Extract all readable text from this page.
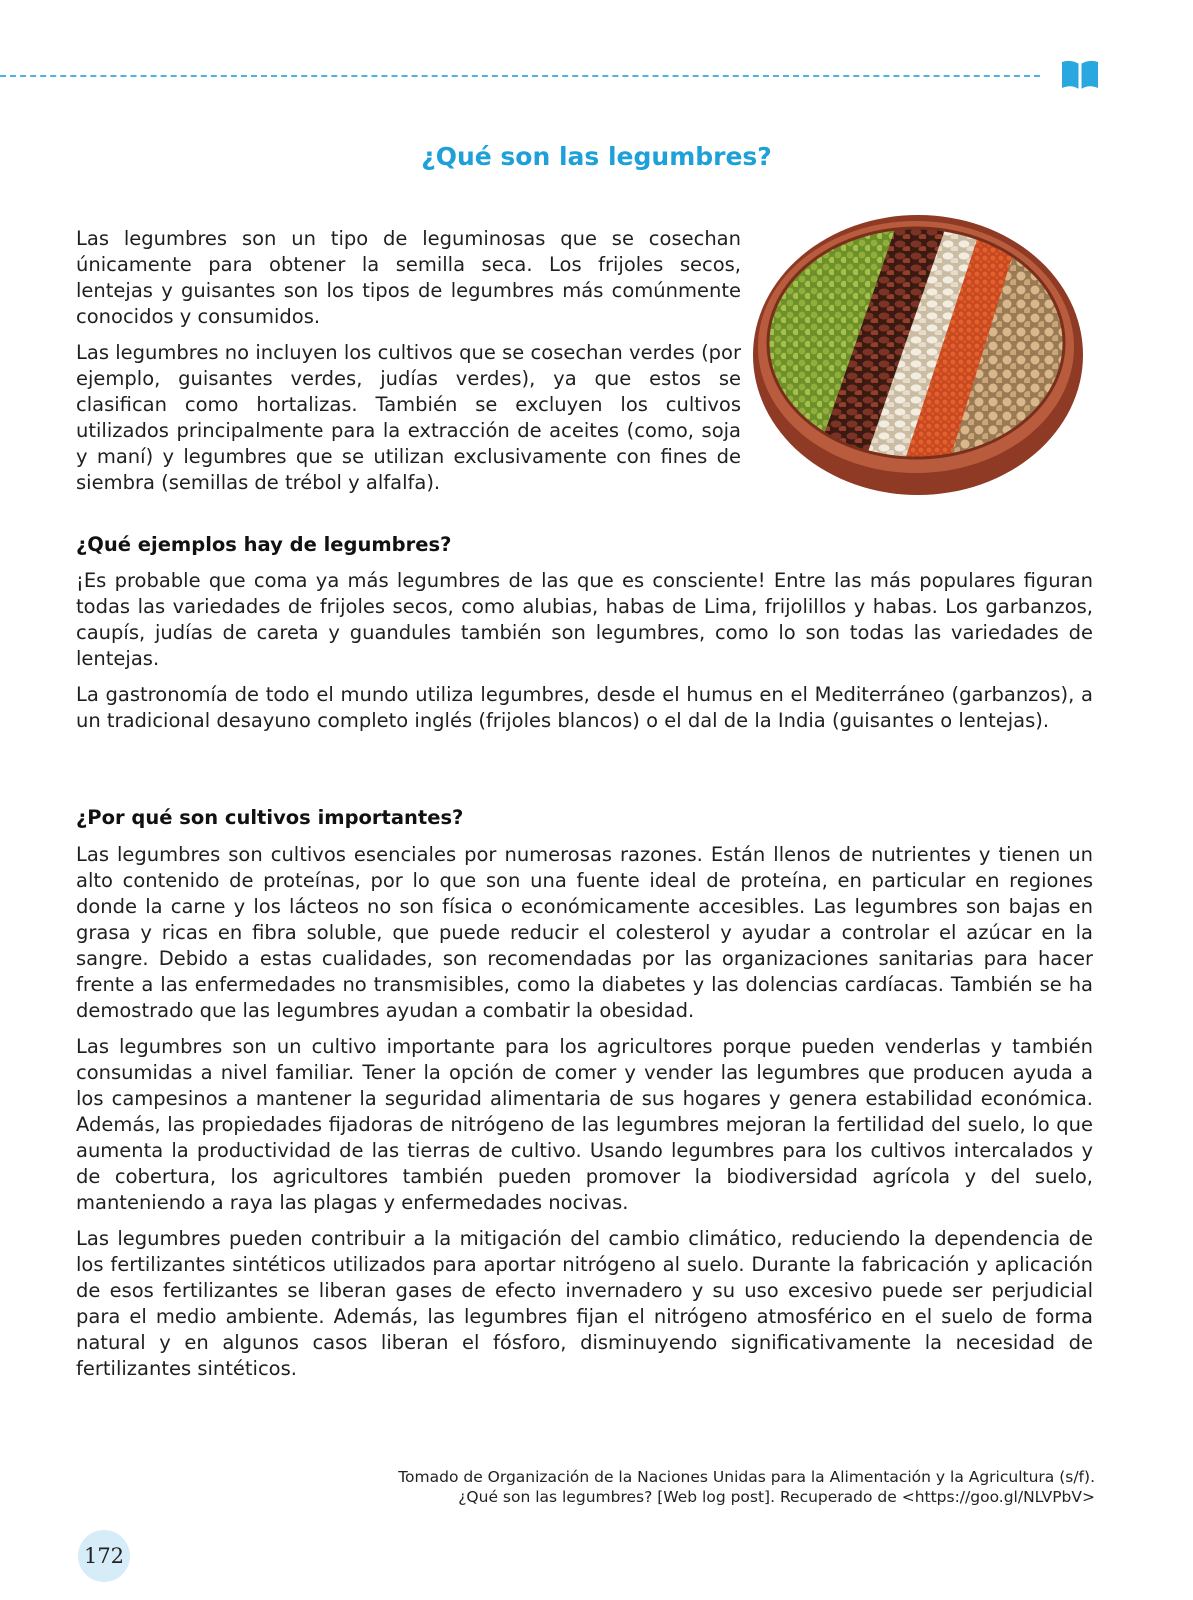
¿Qué son las legumbres?

Las legumbres son un tipo de leguminosas que se cosechan únicamente para obtener la semilla seca. Los frijoles secos, lentejas y guisantes son los tipos de legumbres más comúnmente conocidos y consumidos.

Las legumbres no incluyen los cultivos que se cosechan verdes (por ejemplo, guisantes verdes, judías verdes), ya que estos se clasifican como hortalizas. También se excluyen los cultivos utilizados principalmente para la extracción de aceites (como, soja y maní) y legumbres que se utilizan exclusivamente con fines de siembra (semillas de trébol y alfalfa).

¿Qué ejemplos hay de legumbres?

¡Es probable que coma ya más legumbres de las que es consciente! Entre las más populares figuran todas las variedades de frijoles secos, como alubias, habas de Lima, frijolillos y habas. Los garbanzos, caupís, judías de careta y guandules también son legumbres, como lo son todas las variedades de lentejas.

La gastronomía de todo el mundo utiliza legumbres, desde el humus en el Mediterráneo (garbanzos), a un tradicional desayuno completo inglés (frijoles blancos) o el dal de la India (guisantes o lentejas).

¿Por qué son cultivos importantes?

Las legumbres son cultivos esenciales por numerosas razones. Están llenos de nutrientes y tienen un alto contenido de proteínas, por lo que son una fuente ideal de proteína, en particular en regiones donde la carne y los lácteos no son física o económicamente accesibles. Las legumbres son bajas en grasa y ricas en fibra soluble, que puede reducir el colesterol y ayudar a controlar el azúcar en la sangre. Debido a estas cualidades, son recomendadas por las organizaciones sanitarias para hacer frente a las enfermedades no transmisibles, como la diabetes y las dolencias cardíacas. También se ha demostrado que las legumbres ayudan a combatir la obesidad.

Las legumbres son un cultivo importante para los agricultores porque pueden venderlas y también consumidas a nivel familiar. Tener la opción de comer y vender las legumbres que producen ayuda a los campesinos a mantener la seguridad alimentaria de sus hogares y genera estabilidad económica. Además, las propiedades fijadoras de nitrógeno de las legumbres mejoran la fertilidad del suelo, lo que aumenta la productividad de las tierras de cultivo. Usando legumbres para los cultivos intercalados y de cobertura, los agricultores también pueden promover la biodiversidad agrícola y del suelo, manteniendo a raya las plagas y enfermedades nocivas.

Las legumbres pueden contribuir a la mitigación del cambio climático, reduciendo la dependencia de los fertilizantes sintéticos utilizados para aportar nitrógeno al suelo. Durante la fabricación y aplicación de esos fertilizantes se liberan gases de efecto invernadero y su uso excesivo puede ser perjudicial para el medio ambiente. Además, las legumbres fijan el nitrógeno atmosférico en el suelo de forma natural y en algunos casos liberan el fósforo, disminuyendo significativamente la necesidad de fertilizantes sintéticos.

Tomado de Organización de la Naciones Unidas para la Alimentación y la Agricultura (s/f).
¿Qué son las legumbres? [Web log post]. Recuperado de <https://goo.gl/NLVPbV>
172
